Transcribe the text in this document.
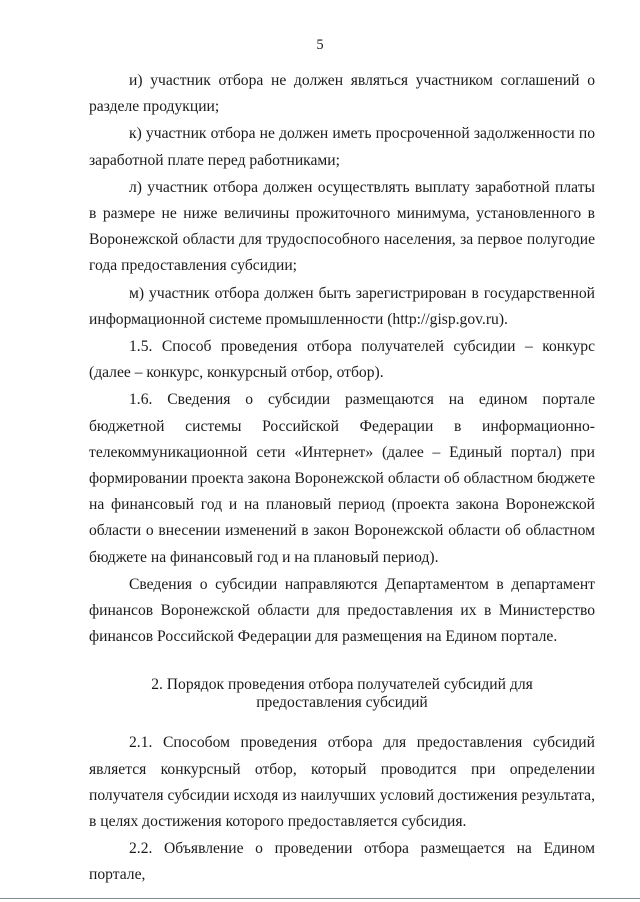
5

и) участник отбора не должен являться участником соглашений о разделе продукции;

к) участник отбора не должен иметь просроченной задолженности по заработной плате перед работниками;

л) участник отбора должен осуществлять выплату заработной платы в размере не ниже величины прожиточного минимума, установленного в Воронежской области для трудоспособного населения, за первое полугодие года предоставления субсидии;

м) участник отбора должен быть зарегистрирован в государственной информационной системе промышленности (http://gisp.gov.ru).

1.5. Способ проведения отбора получателей субсидии – конкурс (далее – конкурс, конкурсный отбор, отбор).

1.6. Сведения о субсидии размещаются на едином портале бюджетной системы Российской Федерации в информационно-телекоммуникационной сети «Интернет» (далее – Единый портал) при формировании проекта закона Воронежской области об областном бюджете на финансовый год и на плановый период (проекта закона Воронежской области о внесении изменений в закон Воронежской области об областном бюджете на финансовый год и на плановый период).

Сведения о субсидии направляются Департаментом в департамент финансов Воронежской области для предоставления их в Министерство финансов Российской Федерации для размещения на Едином портале.

2. Порядок проведения отбора получателей субсидий для
предоставления субсидий

2.1. Способом проведения отбора для предоставления субсидий является конкурсный отбор, который проводится при определении получателя субсидии исходя из наилучших условий достижения результата, в целях достижения которого предоставляется субсидия.

2.2. Объявление о проведении отбора размещается на Едином портале,
